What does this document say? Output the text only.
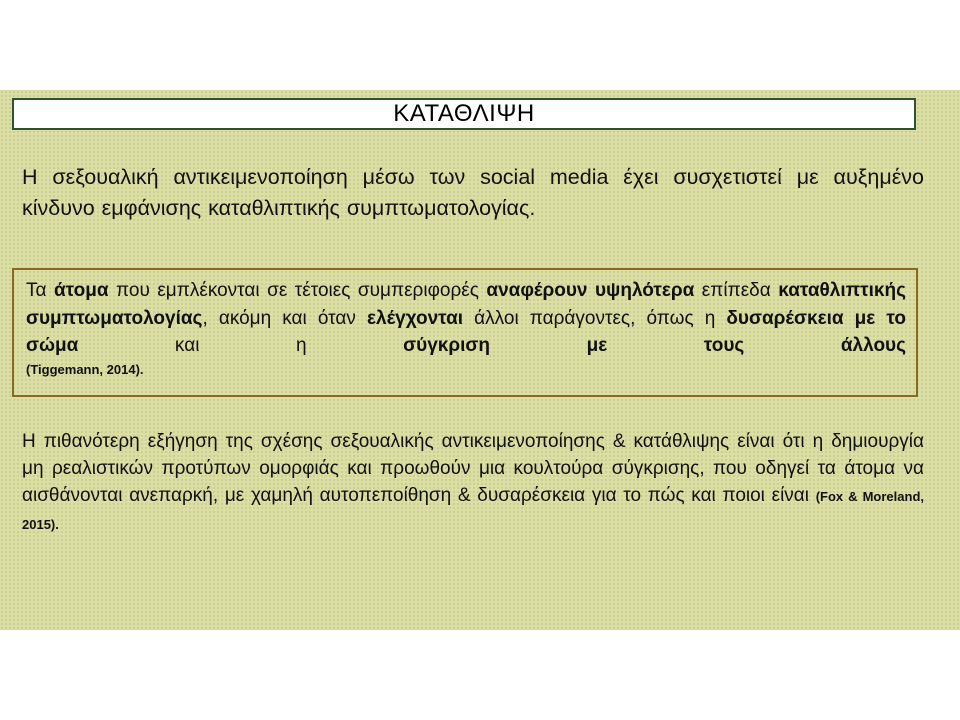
ΚΑΤΑΘΛΙΨΗ
Η σεξουαλική αντικειμενοποίηση μέσω των social media έχει συσχετιστεί με αυξημένο κίνδυνο εμφάνισης καταθλιπτικής συμπτωματολογίας.
Τα άτομα που εμπλέκονται σε τέτοιες συμπεριφορές αναφέρουν υψηλότερα επίπεδα καταθλιπτικής συμπτωματολογίας, ακόμη και όταν ελέγχονται άλλοι παράγοντες, όπως η δυσαρέσκεια με το σώμα και η σύγκριση με τους άλλους
(Tiggemann, 2014).
Η πιθανότερη εξήγηση της σχέσης σεξουαλικής αντικειμενοποίησης & κατάθλιψης είναι ότι η δημιουργία μη ρεαλιστικών προτύπων ομορφιάς και προωθούν μια κουλτούρα σύγκρισης, που οδηγεί τα άτομα να αισθάνονται ανεπαρκή, με χαμηλή αυτοπεποίθηση & δυσαρέσκεια για το πώς και ποιοι είναι (Fox & Moreland, 2015).
